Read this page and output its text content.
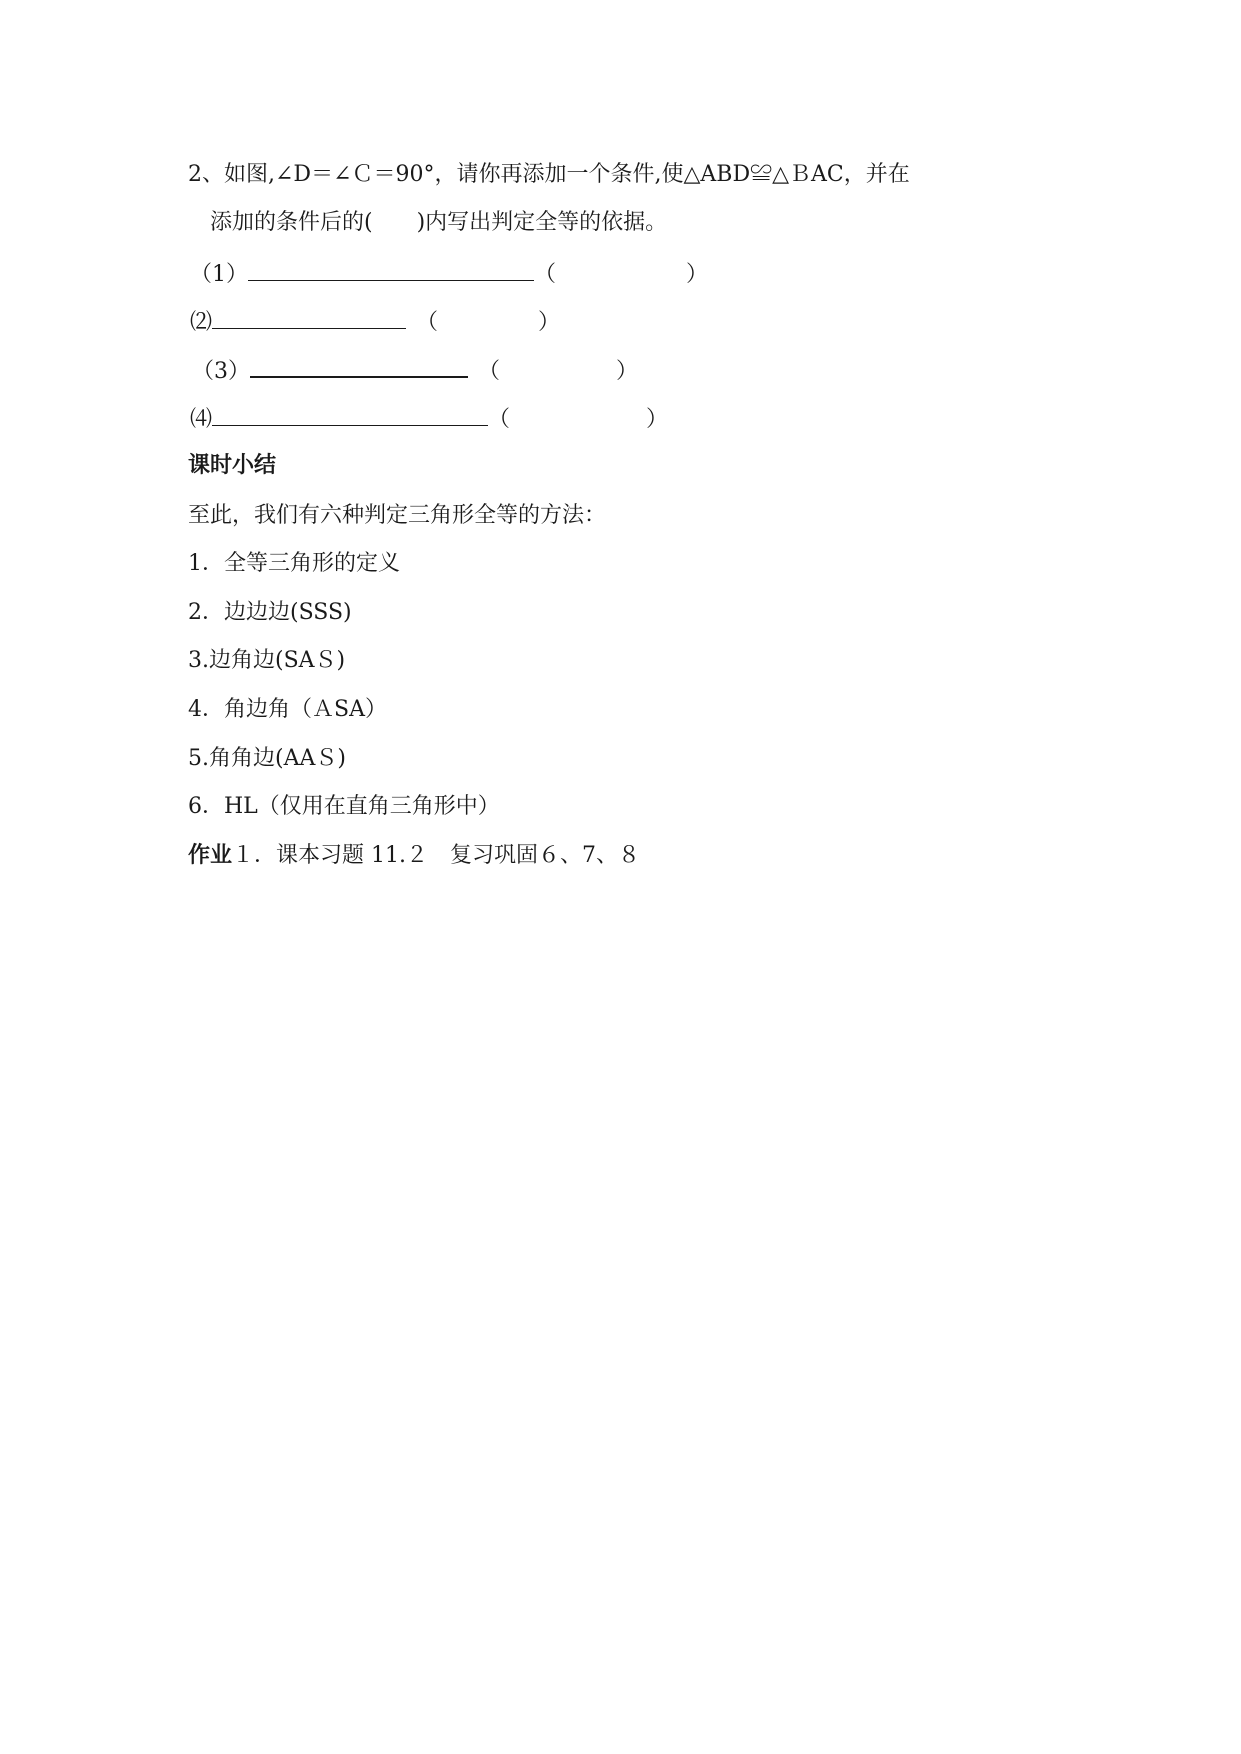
2、如图,∠D＝∠Ｃ＝90°，请你再添加一个条件,使△ABD≌△ＢAC，并在
添加的条件后的(　　)内写出判定全等的依据。
（1）	（	）
⑵	（	）
（3）	（	）
⑷	（	）
课时小结
至此，我们有六种判定三角形全等的方法：
1．全等三角形的定义
2．边边边(SSS)
3.边角边(SAＳ)
4．角边角（ＡSA）
5.角角边(AAＳ)
6．HL（仅用在直角三角形中）
作业１．课本习题 11.２　复习巩固６、7、８
